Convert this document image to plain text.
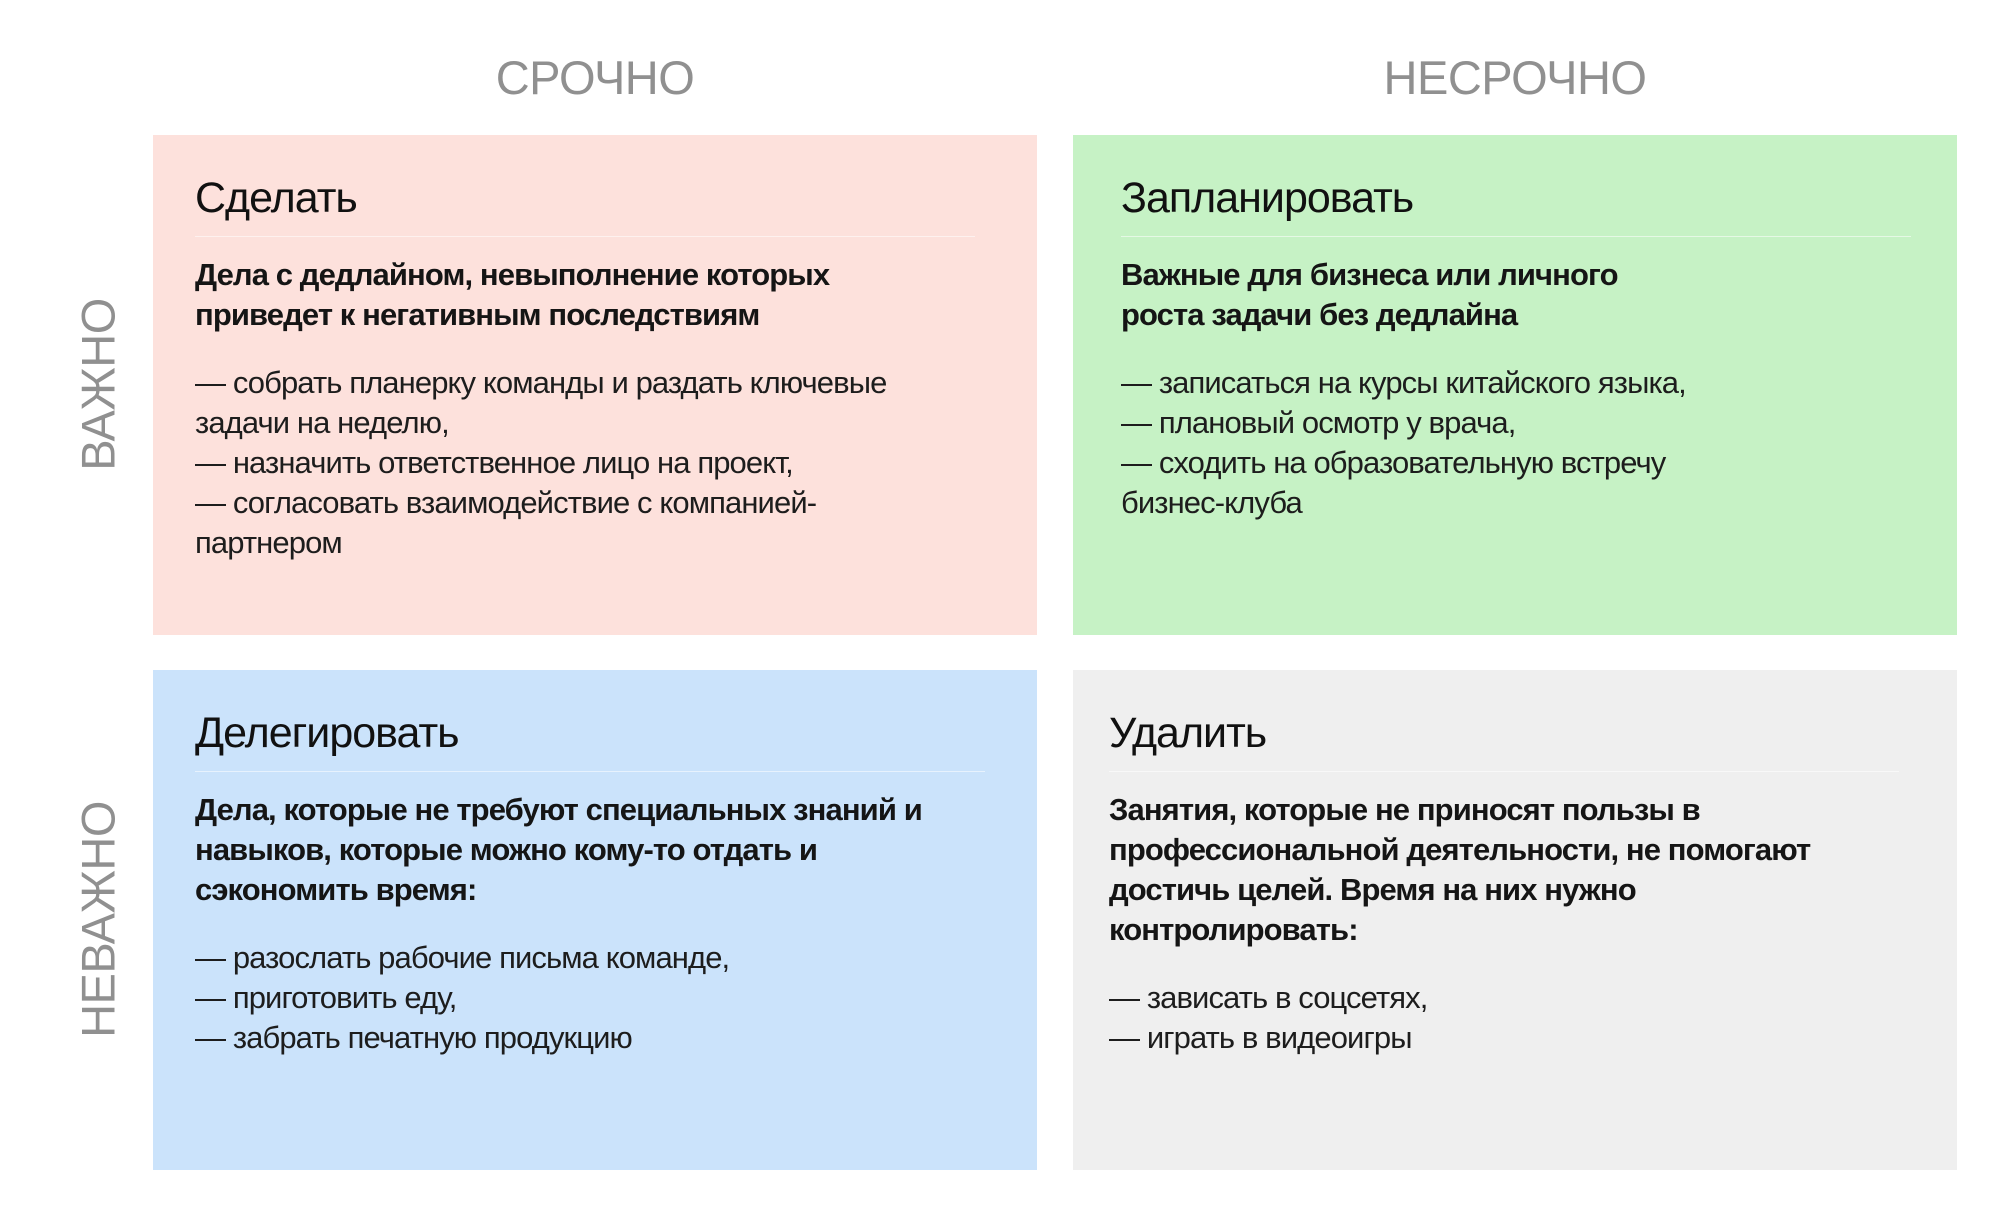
СРОЧНО	НЕСРОЧНО
ВАЖНО
НЕВАЖНО
Сделать
Дела с дедлайном, невыполнение которых приведет к негативным последствиям
— собрать планерку команды и раздать ключевые задачи на неделю,
— назначить ответственное лицо на проект,
— согласовать взаимодействие с компанией-партнером
Запланировать
Важные для бизнеса или личного роста задачи без дедлайна
— записаться на курсы китайского языка,
— плановый осмотр у врача,
— сходить на образовательную встречу бизнес-клуба
Делегировать
Дела, которые не требуют специальных знаний и навыков, которые можно кому-то отдать и сэкономить время:
— разослать рабочие письма команде,
— приготовить еду,
— забрать печатную продукцию
Удалить
Занятия, которые не приносят пользы в профессиональной деятельности, не помогают достичь целей. Время на них нужно контролировать:
— зависать в соцсетях,
— играть в видеоигры
